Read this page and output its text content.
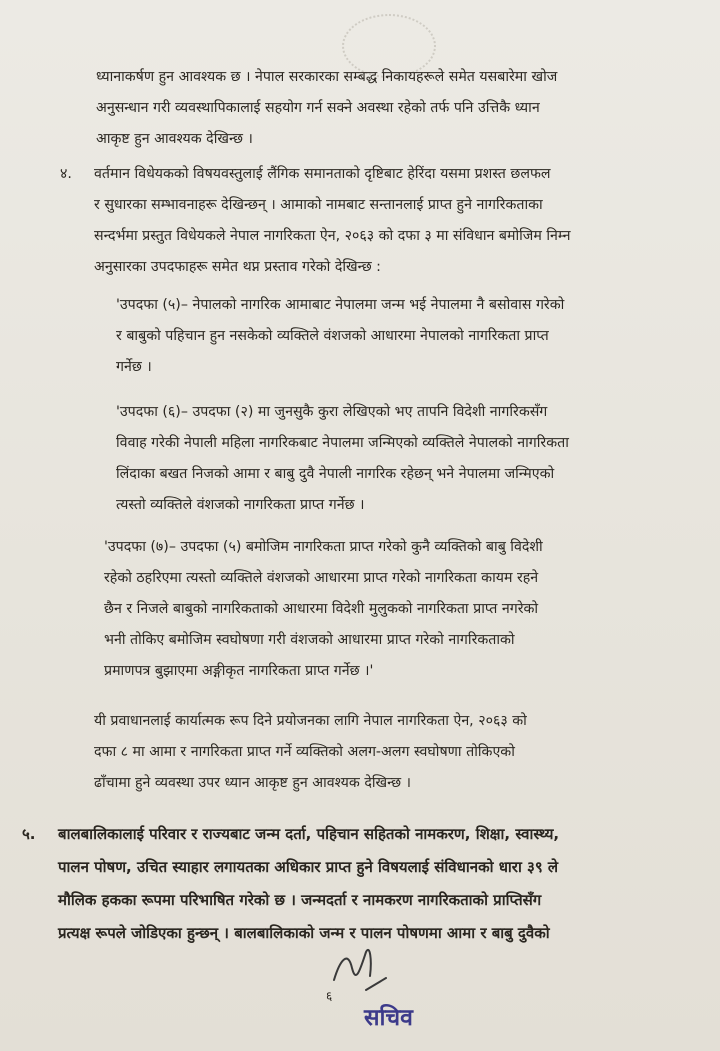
ध्यानाकर्षण हुन आवश्यक छ । नेपाल सरकारका सम्बद्ध निकायहरूले समेत यसबारेमा खोज
अनुसन्धान गरी व्यवस्थापिकालाई सहयोग गर्न सक्ने अवस्था रहेको तर्फ पनि उत्तिकै ध्यान
आकृष्ट हुन आवश्यक देखिन्छ ।
४. वर्तमान विधेयकको विषयवस्तुलाई लैंगिक समानताको दृष्टिबाट हेरिंदा यसमा प्रशस्त छलफल
र सुधारका सम्भावनाहरू देखिन्छन् । आमाको नामबाट सन्तानलाई प्राप्त हुने नागरिकताका
सन्दर्भमा प्रस्तुत विधेयकले नेपाल नागरिकता ऐन, २०६३ को दफा ३ मा संविधान बमोजिम निम्न
अनुसारका उपदफाहरू समेत थप्न प्रस्ताव गरेको देखिन्छ :
'उपदफा (५)– नेपालको नागरिक आमाबाट नेपालमा जन्म भई नेपालमा नै बसोवास गरेको
र बाबुको पहिचान हुन नसकेको व्यक्तिले वंशजको आधारमा नेपालको नागरिकता प्राप्त
गर्नेछ ।
'उपदफा (६)– उपदफा (२) मा जुनसुकै कुरा लेखिएको भए तापनि विदेशी नागरिकसँग
विवाह गरेकी नेपाली महिला नागरिकबाट नेपालमा जन्मिएको व्यक्तिले नेपालको नागरिकता
लिंदाका बखत निजको आमा र बाबु दुवै नेपाली नागरिक रहेछन् भने नेपालमा जन्मिएको
त्यस्तो व्यक्तिले वंशजको नागरिकता प्राप्त गर्नेछ ।
'उपदफा (७)– उपदफा (५) बमोजिम नागरिकता प्राप्त गरेको कुनै व्यक्तिको बाबु विदेशी
रहेको ठहरिएमा त्यस्तो व्यक्तिले वंशजको आधारमा प्राप्त गरेको नागरिकता कायम रहने
छैन र निजले बाबुको नागरिकताको आधारमा विदेशी मुलुकको नागरिकता प्राप्त नगरेको
भनी तोकिए बमोजिम स्वघोषणा गरी वंशजको आधारमा प्राप्त गरेको नागरिकताको
प्रमाणपत्र बुझाएमा अङ्गीकृत नागरिकता प्राप्त गर्नेछ ।'
यी प्रवाधानलाई कार्यात्मक रूप दिने प्रयोजनका लागि नेपाल नागरिकता ऐन, २०६३ को
दफा ८ मा आमा र नागरिकता प्राप्त गर्ने व्यक्तिको अलग-अलग स्वघोषणा तोकिएको
ढाँचामा हुने व्यवस्था उपर ध्यान आकृष्ट हुन आवश्यक देखिन्छ ।
५. बालबालिकालाई परिवार र राज्यबाट जन्म दर्ता, पहिचान सहितको नामकरण, शिक्षा, स्वास्थ्य,
पालन पोषण, उचित स्याहार लगायतका अधिकार प्राप्त हुने विषयलाई संविधानको धारा ३९ ले
मौलिक हकका रूपमा परिभाषित गरेको छ । जन्मदर्ता र नामकरण नागरिकताको प्राप्तिसँग
प्रत्यक्ष रूपले जोडिएका हुन्छन् । बालबालिकाको जन्म र पालन पोषणमा आमा र बाबु दुवैको
६
सचिव
